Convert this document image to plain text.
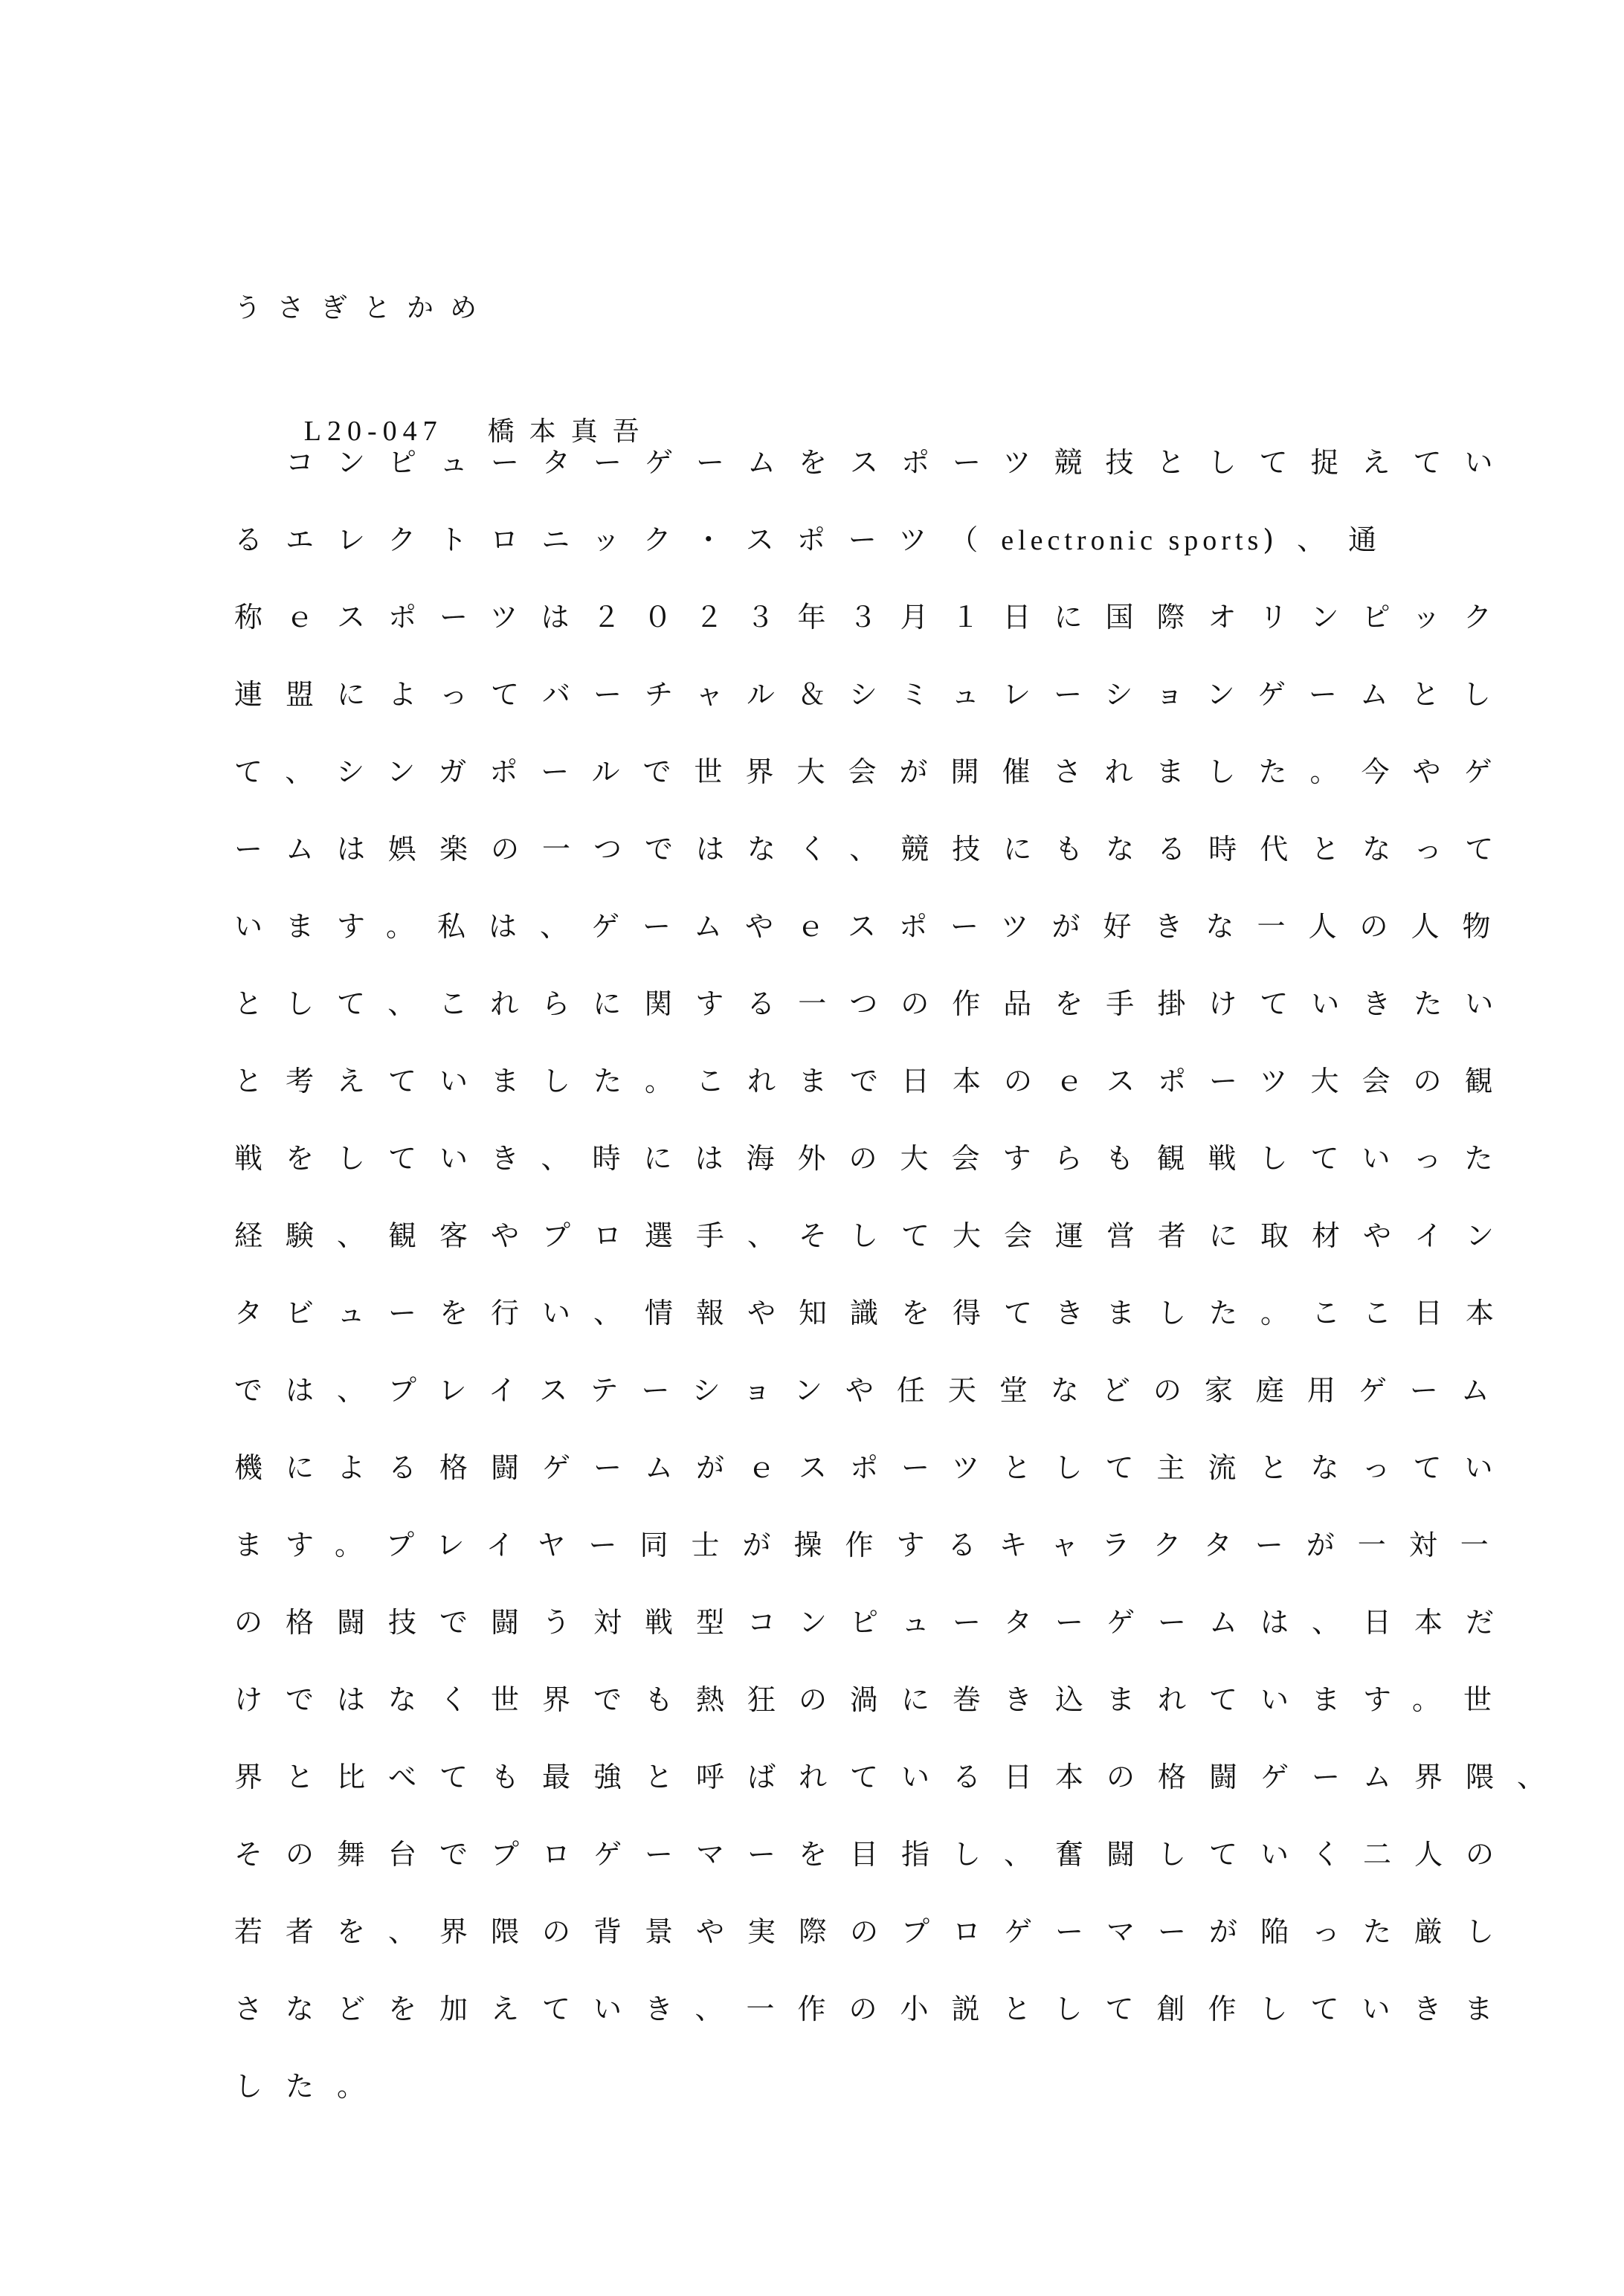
うさぎとかめ

L20-047 橋本真吾

　コンピューターゲームをスポーツ競技として捉えてい
るエレクトロニック・スポーツ（electronic sports)、通
称ｅスポーツは２０２３年３月１日に国際オリンピック
連盟によってバーチャル＆シミュレーションゲームとし
て、シンガポールで世界大会が開催されました。今やゲ
ームは娯楽の一つではなく、競技にもなる時代となって
います。私は、ゲームやｅスポーツが好きな一人の人物
として、これらに関する一つの作品を手掛けていきたい
と考えていました。これまで日本のｅスポーツ大会の観
戦をしていき、時には海外の大会すらも観戦していった
経験、観客やプロ選手、そして大会運営者に取材やイン
タビューを行い、情報や知識を得てきました。ここ日本
では、プレイステーションや任天堂などの家庭用ゲーム
機による格闘ゲームがｅスポーツとして主流となってい
ます。プレイヤー同士が操作するキャラクターが一対一
の格闘技で闘う対戦型コンピューターゲームは、日本だ
けではなく世界でも熱狂の渦に巻き込まれています。世
界と比べても最強と呼ばれている日本の格闘ゲーム界隈、
その舞台でプロゲーマーを目指し、奮闘していく二人の
若者を、界隈の背景や実際のプロゲーマーが陥った厳し
さなどを加えていき、一作の小説として創作していきま
した。
